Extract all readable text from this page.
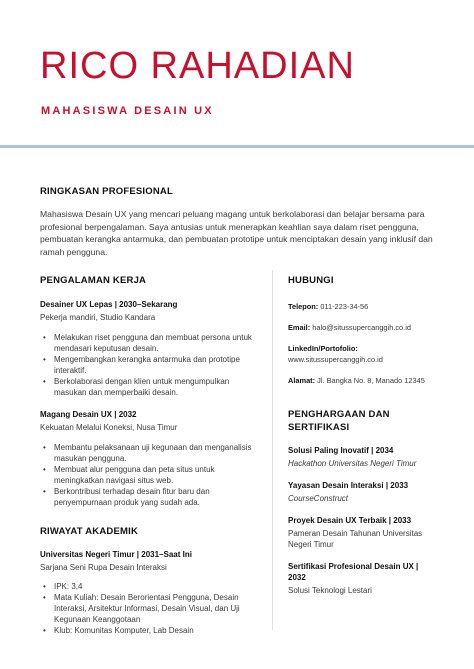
RICO RAHADIAN
MAHASISWA DESAIN UX
RINGKASAN PROFESIONAL

Mahasiswa Desain UX yang mencari peluang magang untuk berkolaborasi dan belajar bersama para profesional berpengalaman. Saya antusias untuk menerapkan keahlian saya dalam riset pengguna, pembuatan kerangka antarmuka, dan pembuatan prototipe untuk menciptakan desain yang inklusif dan ramah pengguna.

PENGALAMAN KERJA
Desainer UX Lepas | 2030–Sekarang
Pekerja mandiri, Studio Kandara
• Melakukan riset pengguna dan membuat persona untuk mendasari keputusan desain.
• Mengembangkan kerangka antarmuka dan prototipe interaktif.
• Berkolaborasi dengan klien untuk mengumpulkan masukan dan memperbaiki desain.
Magang Desain UX | 2032
Kekuatan Melalui Koneksi, Nusa Timur
• Membantu pelaksanaan uji kegunaan dan menganalisis masukan pengguna.
• Membuat alur pengguna dan peta situs untuk meningkatkan navigasi situs web.
• Berkontribusi terhadap desain fitur baru dan penyempurnaan produk yang sudah ada.
RIWAYAT AKADEMIK
Universitas Negeri Timur | 2031–Saat Ini
Sarjana Seni Rupa Desain Interaksi
• IPK: 3,4
• Mata Kuliah: Desain Berorientasi Pengguna, Desain Interaksi, Arsitektur Informasi, Desain Visual, dan Uji Kegunaan Keanggotaan
• Klub: Komunitas Komputer, Lab Desain
HUBUNGI
Telepon: 011-223-34-56
Email: halo@situssupercanggih.co.id
LinkedIn/Portofolio:
www.situssupercanggih.co.id
Alamat: Jl. Bangka No. 8, Manado 12345
PENGHARGAAN DAN SERTIFIKASI
Solusi Paling Inovatif | 2034
Hackathon Universitas Negeri Timur
Yayasan Desain Interaksi | 2033
CourseConstruct
Proyek Desain UX Terbaik | 2033
Pameran Desain Tahunan Universitas Negeri Timur
Sertifikasi Profesional Desain UX | 2032
Solusi Teknologi Lestari
